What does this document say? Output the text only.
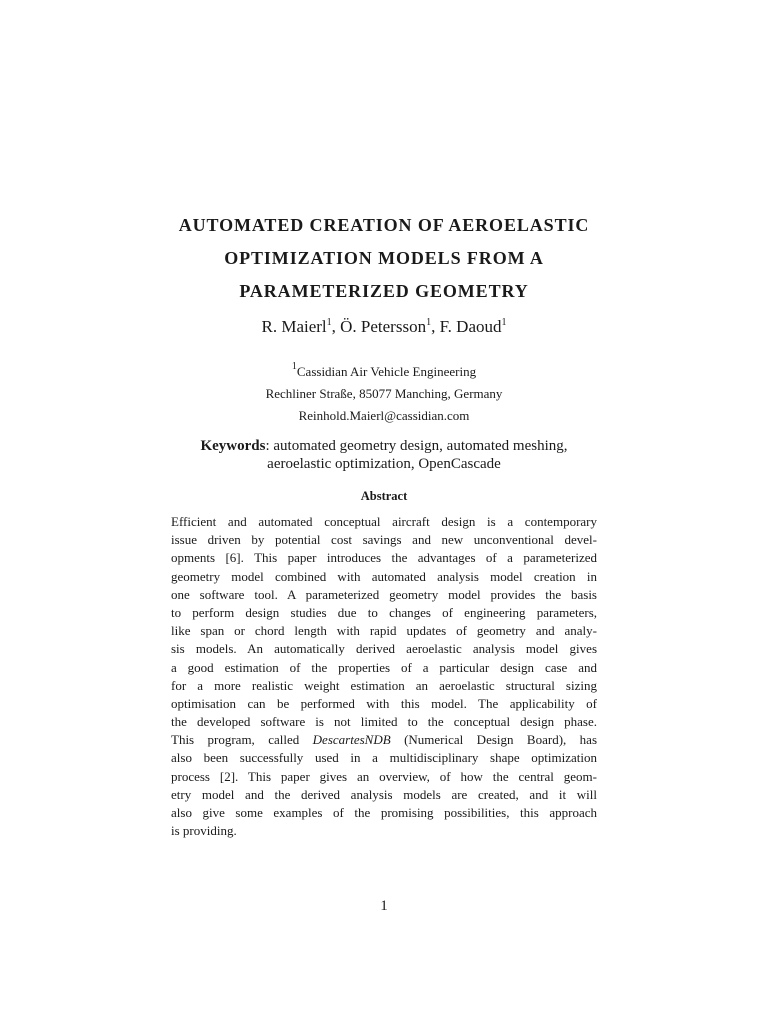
AUTOMATED CREATION OF AEROELASTIC
OPTIMIZATION MODELS FROM A
PARAMETERIZED GEOMETRY
R. Maierl$^1$, Ö. Petersson$^1$, F. Daoud$^1$
$^1$Cassidian Air Vehicle Engineering
Rechliner Straße, 85077 Manching, Germany
Reinhold.Maierl@cassidian.com
Keywords: automated geometry design, automated meshing,
aeroelastic optimization, OpenCascade
Abstract
Efficient and automated conceptual aircraft design is a contemporary
issue driven by potential cost savings and new unconventional devel-
opments [6]. This paper introduces the advantages of a parameterized
geometry model combined with automated analysis model creation in
one software tool. A parameterized geometry model provides the basis
to perform design studies due to changes of engineering parameters,
like span or chord length with rapid updates of geometry and analy-
sis models. An automatically derived aeroelastic analysis model gives
a good estimation of the properties of a particular design case and
for a more realistic weight estimation an aeroelastic structural sizing
optimisation can be performed with this model. The applicability of
the developed software is not limited to the conceptual design phase.
This program, called DescartesNDB (Numerical Design Board), has
also been successfully used in a multidisciplinary shape optimization
process [2]. This paper gives an overview, of how the central geom-
etry model and the derived analysis models are created, and it will
also give some examples of the promising possibilities, this approach
is providing.
1
